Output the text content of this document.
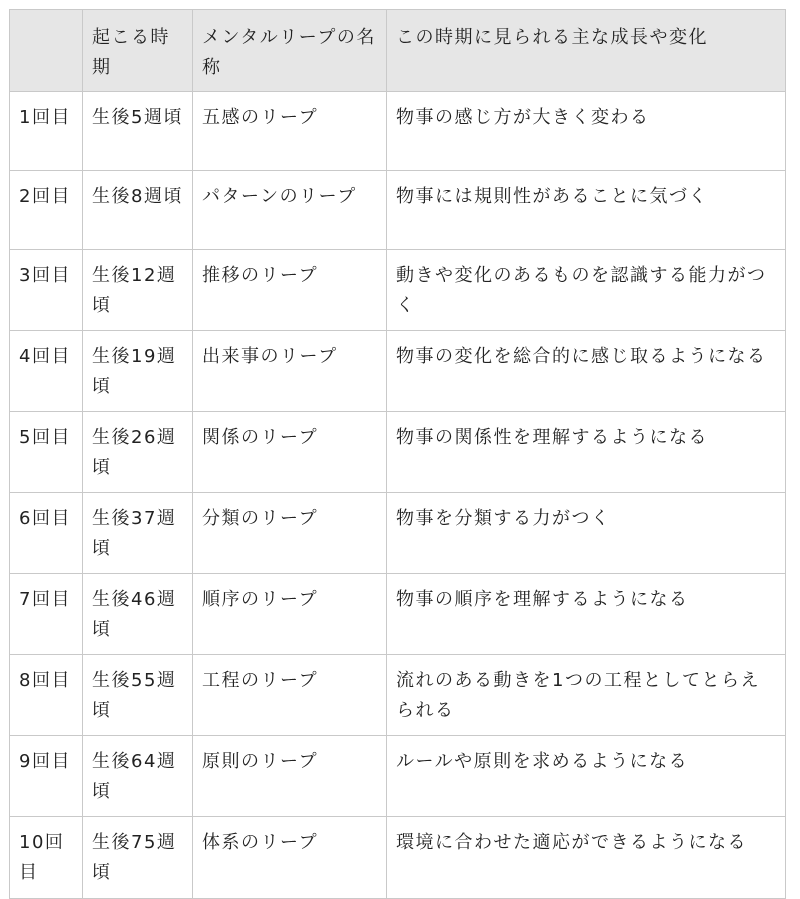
	起こる時期	メンタルリープの名称	この時期に見られる主な成長や変化
1回目	生後5週頃	五感のリープ	物事の感じ方が大きく変わる
2回目	生後8週頃	パターンのリープ	物事には規則性があることに気づく
3回目	生後12週頃	推移のリープ	動きや変化のあるものを認識する能力がつく
4回目	生後19週頃	出来事のリープ	物事の変化を総合的に感じ取るようになる
5回目	生後26週頃	関係のリープ	物事の関係性を理解するようになる
6回目	生後37週頃	分類のリープ	物事を分類する力がつく
7回目	生後46週頃	順序のリープ	物事の順序を理解するようになる
8回目	生後55週頃	工程のリープ	流れのある動きを1つの工程としてとらえられる
9回目	生後64週頃	原則のリープ	ルールや原則を求めるようになる
10回目	生後75週頃	体系のリープ	環境に合わせた適応ができるようになる
